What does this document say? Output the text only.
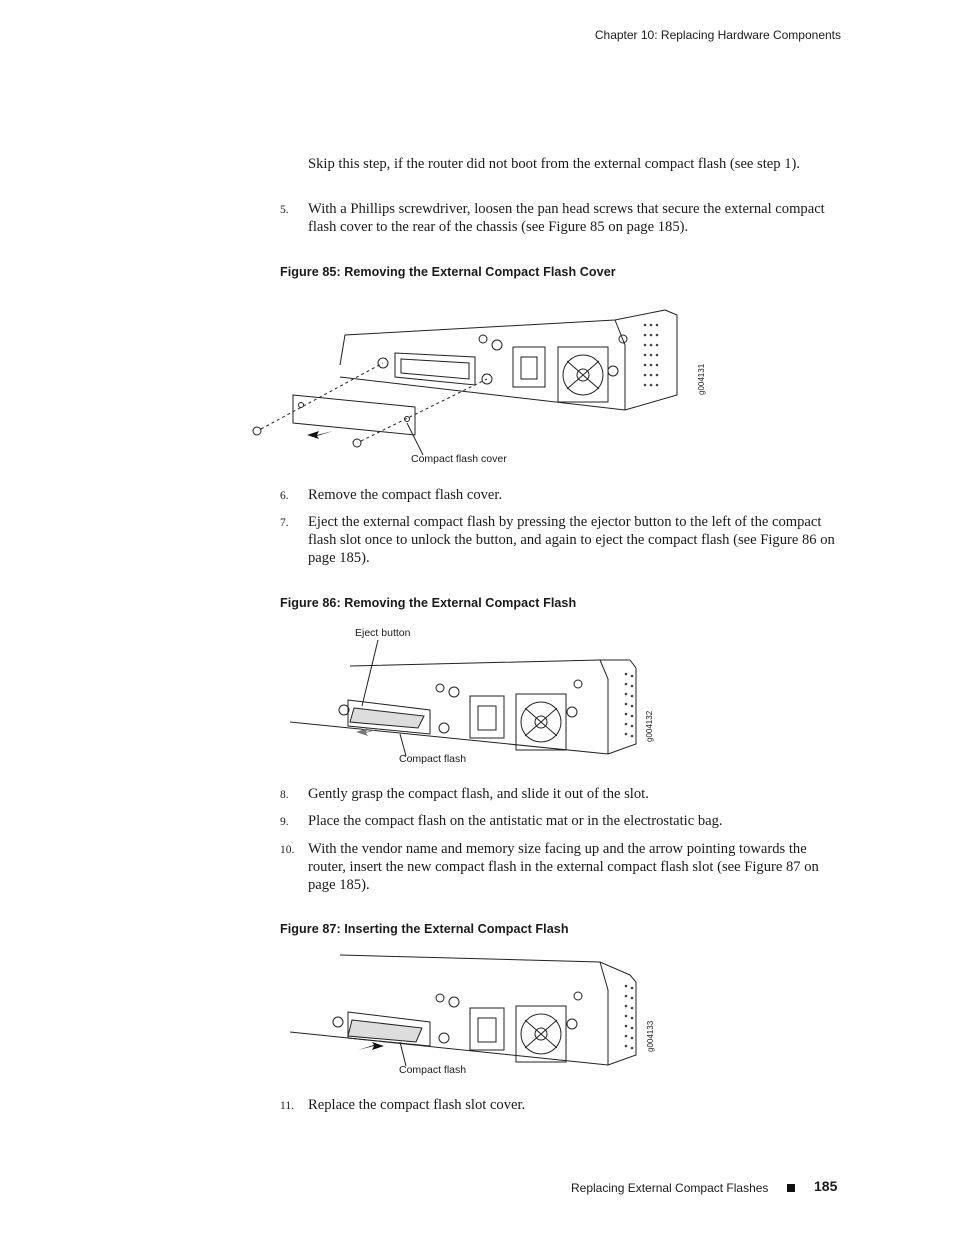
Chapter 10: Replacing Hardware Components
Skip this step, if the router did not boot from the external compact flash (see step 1).
5. With a Phillips screwdriver, loosen the pan head screws that secure the external compact flash cover to the rear of the chassis (see Figure 85 on page 185).
Figure 85: Removing the External Compact Flash Cover
Compact flash cover
g004131
6. Remove the compact flash cover.
7. Eject the external compact flash by pressing the ejector button to the left of the compact flash slot once to unlock the button, and again to eject the compact flash (see Figure 86 on page 185).
Figure 86: Removing the External Compact Flash
Eject button
Compact flash
g004132
8. Gently grasp the compact flash, and slide it out of the slot.
9. Place the compact flash on the antistatic mat or in the electrostatic bag.
10. With the vendor name and memory size facing up and the arrow pointing towards the router, insert the new compact flash in the external compact flash slot (see Figure 87 on page 185).
Figure 87: Inserting the External Compact Flash
Compact flash
g004133
11. Replace the compact flash slot cover.
Replacing External Compact Flashes	185
